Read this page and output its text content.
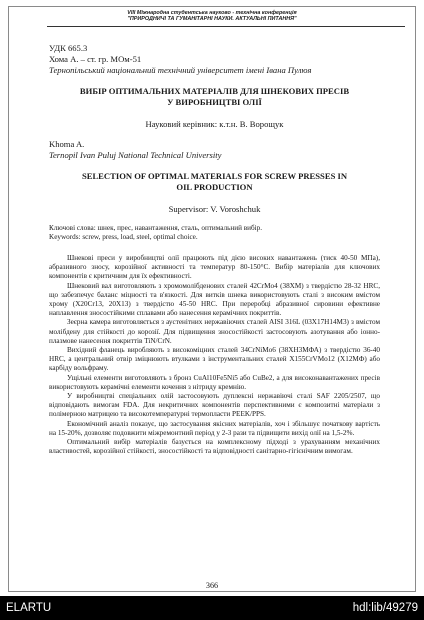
VIII Міжнародна студентська науково - технічна конференція
"ПРИРОДНИЧІ ТА ГУМАНІТАРНІ НАУКИ. АКТУАЛЬНІ ПИТАННЯ"

УДК 665.3

Хома А. – ст. гр. МОм-51

Тернопільський національний технічний університет імені Івана Пулюя

ВИБІР ОПТИМАЛЬНИХ МАТЕРІАЛІВ ДЛЯ ШНЕКОВИХ ПРЕСІВ
У ВИРОБНИЦТВІ ОЛІЇ

Науковий керівник: к.т.н. В. Ворощук

Khoma A.

Ternopil Ivan Puluj National Technical University

SELECTION OF OPTIMAL MATERIALS FOR SCREW PRESSES IN
OIL PRODUCTION

Supervisor: V. Voroshchuk

Ключові слова: шнек, прес, навантаження, сталь, оптимальний вибір.

Keywords: screw, press, load, steel, optimal choice.

Шнекові преси у виробництві олії працюють під дією високих навантажень (тиск 40-50 МПа), абразивного зносу, корозійної активності та температур 80-150°С. Вибір матеріалів для ключових компонентів є критичним для їх ефективності.

Шнековий вал виготовляють з хромомолібденових сталей 42CrMo4 (38ХМ) з твердістю 28-32 HRC, що забезпечує баланс міцності та в'язкості. Для витків шнека використовують сталі з високим вмістом хрому (X20Cr13, 20Х13) з твердістю 45-50 HRC. При переробці абразивної сировини ефективне наплавлення зносостійкими сплавами або нанесення керамічних покриттів.

Зеєрна камера виготовляється з аустенітних нержавіючих сталей AISI 316L (03Х17Н14М3) з вмістом молібдену для стійкості до корозії. Для підвищення зносостійкості застосовують азотування або іонно-плазмове нанесення покриттів TiN/CrN.

Вихідний фланець виробляють з високоміцних сталей 34CrNiMo6 (38ХН3МФА) з твердістю 36-40 HRC, а центральний отвір зміцнюють втулками з інструментальних сталей X155CrVMo12 (Х12МФ) або карбіду вольфраму.

Ущільні елементи виготовляють з бронз CuAl10Fe5Ni5 або CuBe2, а для високонавантажених пресів використовують керамічні елементи кочення з нітриду кремнію.

У виробництві спеціальних олій застосовують дуплексні нержавіючі сталі SAF 2205/2507, що відповідають вимогам FDA. Для некритичних компонентів перспективними є композитні матеріали з полімерною матрицею та високотемпературні термопласти PEEK/PPS.

Економічний аналіз показує, що застосування якісних матеріалів, хоч і збільшує початкову вартість на 15-20%, дозволяє подовжити міжремонтний період у 2-3 рази та підвищити вихід олії на 1,5-2%.

Оптимальний вибір матеріалів базується на комплексному підході з урахуванням механічних властивостей, корозійної стійкості, зносостійкості та відповідності санітарно-гігієнічним вимогам.

366
ELARTU	hdl:lib/49279
